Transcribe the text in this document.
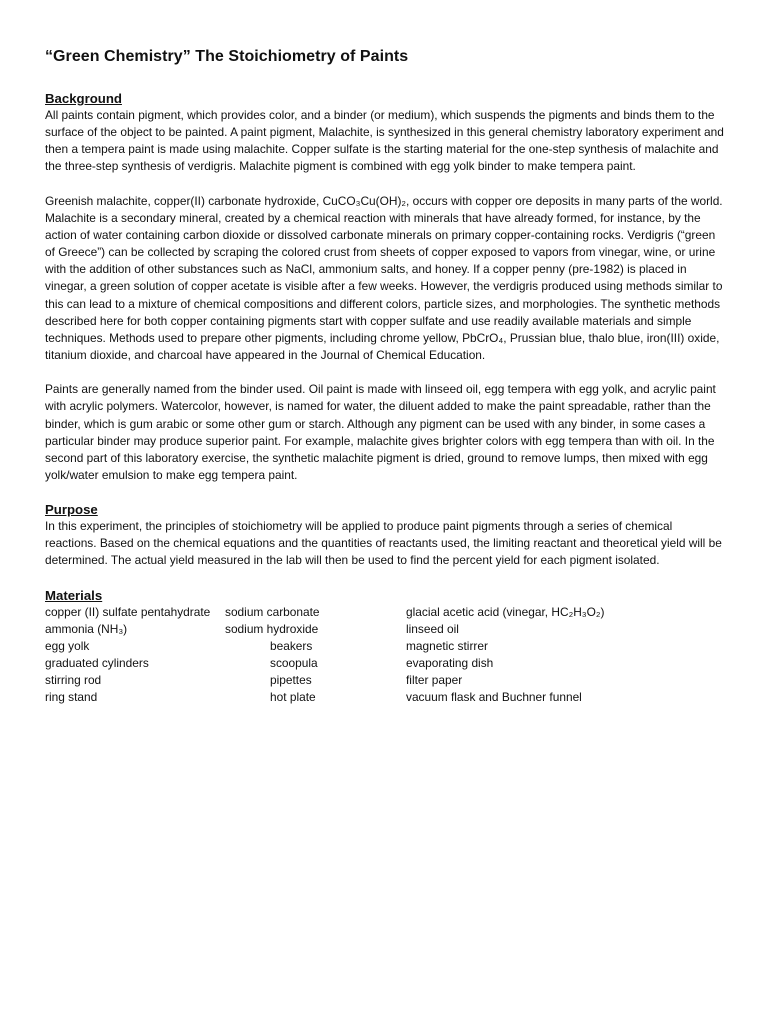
“Green Chemistry” The Stoichiometry of Paints
Background

All paints contain pigment, which provides color, and a binder (or medium), which suspends the pigments and binds them to the surface of the object to be painted. A paint pigment, Malachite, is synthesized in this general chemistry laboratory experiment and then a tempera paint is made using malachite. Copper sulfate is the starting material for the one-step synthesis of malachite and the three-step synthesis of verdigris. Malachite pigment is combined with egg yolk binder to make tempera paint.

Greenish malachite, copper(II) carbonate hydroxide, CuCO₃Cu(OH)₂, occurs with copper ore deposits in many parts of the world. Malachite is a secondary mineral, created by a chemical reaction with minerals that have already formed, for instance, by the action of water containing carbon dioxide or dissolved carbonate minerals on primary copper-containing rocks. Verdigris (“green of Greece”) can be collected by scraping the colored crust from sheets of copper exposed to vapors from vinegar, wine, or urine with the addition of other substances such as NaCl, ammonium salts, and honey. If a copper penny (pre-1982) is placed in vinegar, a green solution of copper acetate is visible after a few weeks. However, the verdigris produced using methods similar to this can lead to a mixture of chemical compositions and different colors, particle sizes, and morphologies. The synthetic methods described here for both copper containing pigments start with copper sulfate and use readily available materials and simple techniques. Methods used to prepare other pigments, including chrome yellow, PbCrO₄, Prussian blue, thalo blue, iron(III) oxide, titanium dioxide, and charcoal have appeared in the Journal of Chemical Education.

Paints are generally named from the binder used. Oil paint is made with linseed oil, egg tempera with egg yolk, and acrylic paint with acrylic polymers. Watercolor, however, is named for water, the diluent added to make the paint spreadable, rather than the binder, which is gum arabic or some other gum or starch. Although any pigment can be used with any binder, in some cases a particular binder may produce superior paint. For example, malachite gives brighter colors with egg tempera than with oil. In the second part of this laboratory exercise, the synthetic malachite pigment is dried, ground to remove lumps, then mixed with egg yolk/water emulsion to make egg tempera paint.

Purpose

In this experiment, the principles of stoichiometry will be applied to produce paint pigments through a series of chemical reactions. Based on the chemical equations and the quantities of reactants used, the limiting reactant and theoretical yield will be determined. The actual yield measured in the lab will then be used to find the percent yield for each pigment isolated.

Materials
copper (II) sulfate pentahydrate
ammonia (NH₃)
egg yolk
graduated cylinders
stirring rod
ring stand
sodium carbonate
sodium hydroxide
beakers
scoopula
pipettes
hot plate
glacial acetic acid (vinegar, HC₂H₃O₂)
linseed oil
magnetic stirrer
evaporating dish
filter paper
vacuum flask and Buchner funnel
